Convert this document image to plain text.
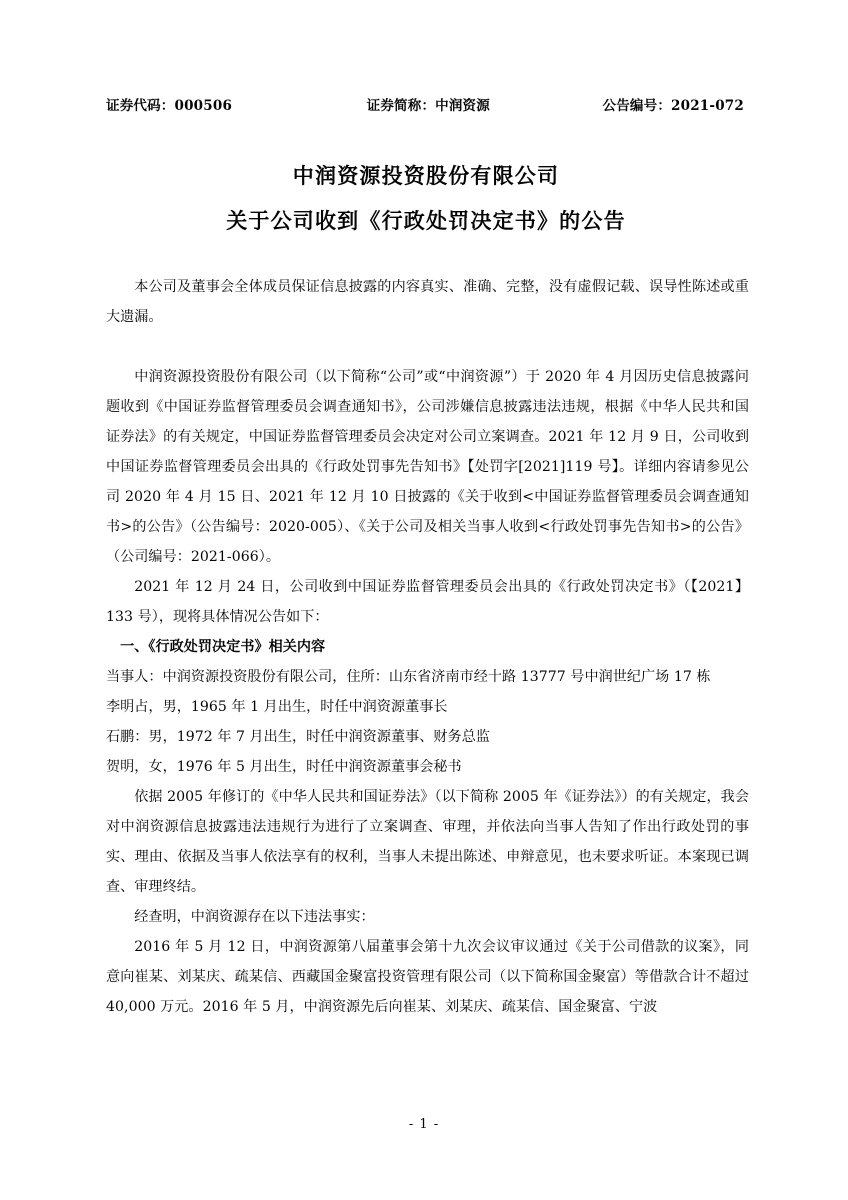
证券代码：000506	证券简称：中润资源	公告编号：2021-072
中润资源投资股份有限公司
关于公司收到《行政处罚决定书》的公告

本公司及董事会全体成员保证信息披露的内容真实、准确、完整，没有虚假记载、误导性陈述或重大遗漏。

中润资源投资股份有限公司（以下简称“公司”或“中润资源”）于 2020 年 4 月因历史信息披露问题收到《中国证券监督管理委员会调查通知书》，公司涉嫌信息披露违法违规，根据《中华人民共和国证券法》的有关规定，中国证券监督管理委员会决定对公司立案调查。2021 年 12 月 9 日，公司收到中国证券监督管理委员会出具的《行政处罚事先告知书》【处罚字[2021]119 号】。详细内容请参见公司 2020 年 4 月 15 日、2021 年 12 月 10 日披露的《关于收到<中国证券监督管理委员会调查通知书>的公告》（公告编号：2020-005）、《关于公司及相关当事人收到<行政处罚事先告知书>的公告》（公司编号：2021-066）。

2021 年 12 月 24 日，公司收到中国证券监督管理委员会出具的《行政处罚决定书》（【2021】133 号），现将具体情况公告如下：

一、《行政处罚决定书》相关内容

当事人：中润资源投资股份有限公司，住所：山东省济南市经十路 13777 号中润世纪广场 17 栋

李明占，男，1965 年 1 月出生，时任中润资源董事长

石鹏：男，1972 年 7 月出生，时任中润资源董事、财务总监

贺明，女，1976 年 5 月出生，时任中润资源董事会秘书

依据 2005 年修订的《中华人民共和国证券法》（以下简称 2005 年《证券法》）的有关规定，我会对中润资源信息披露违法违规行为进行了立案调查、审理，并依法向当事人告知了作出行政处罚的事实、理由、依据及当事人依法享有的权利，当事人未提出陈述、申辩意见，也未要求听证。本案现已调查、审理终结。

经查明，中润资源存在以下违法事实：

2016 年 5 月 12 日，中润资源第八届董事会第十九次会议审议通过《关于公司借款的议案》，同意向崔某、刘某庆、疏某信、西藏国金聚富投资管理有限公司（以下简称国金聚富）等借款合计不超过 40,000 万元。2016 年 5 月，中润资源先后向崔某、刘某庆、疏某信、国金聚富、宁波

- 1 -
